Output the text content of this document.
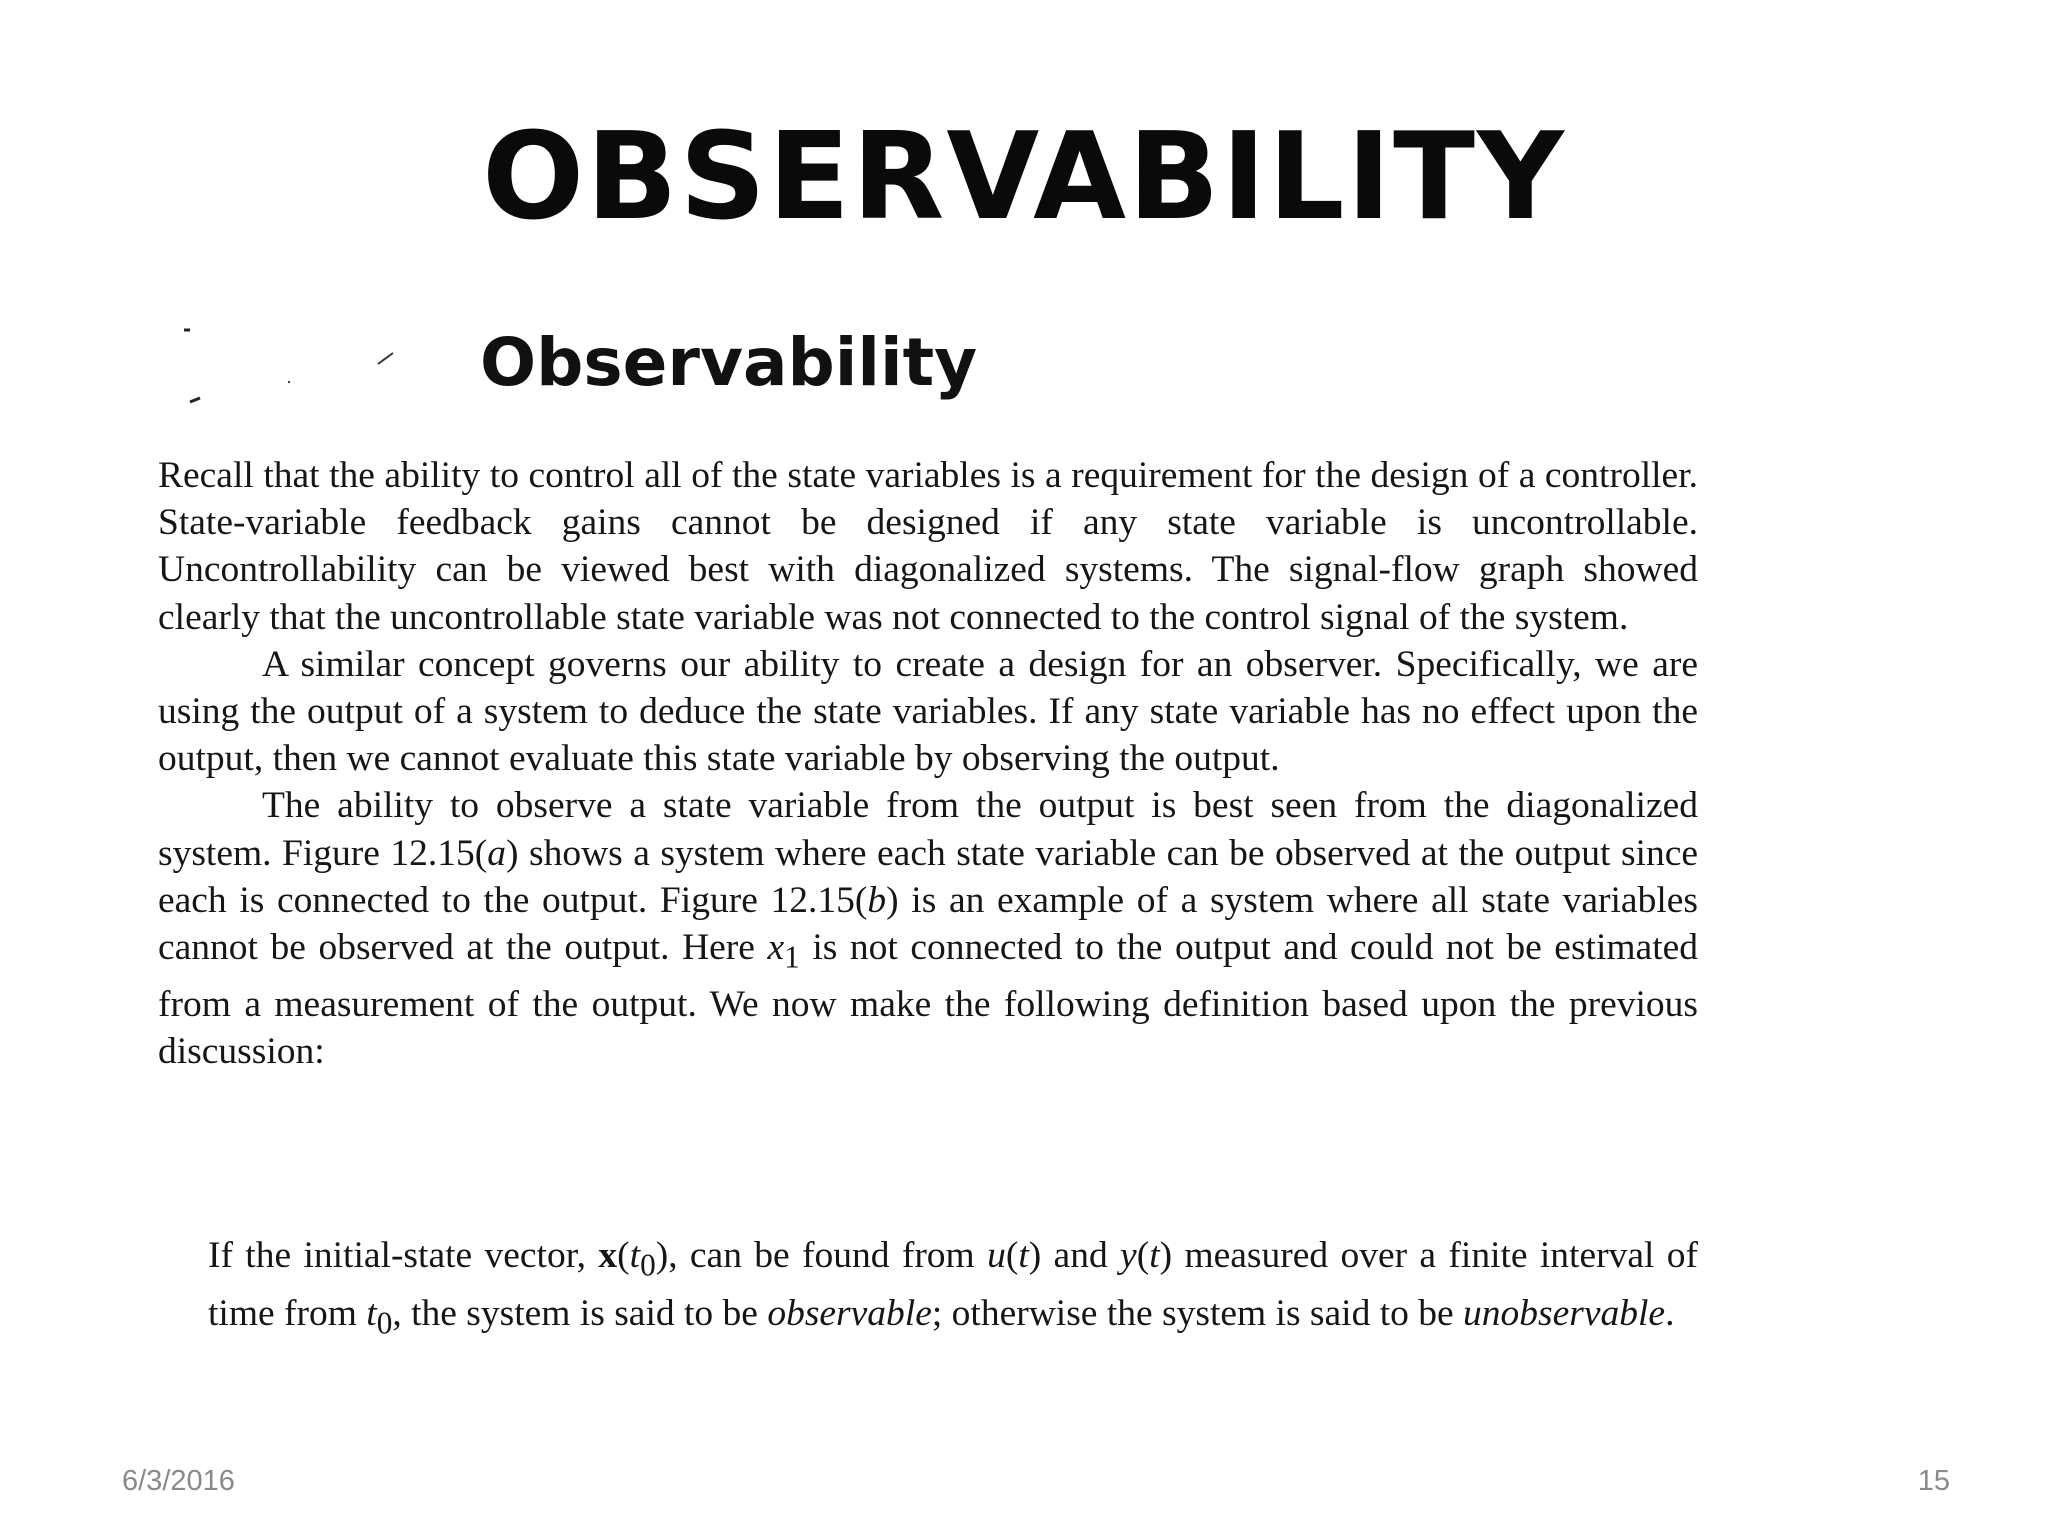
OBSERVABILITY
Observability

Recall that the ability to control all of the state variables is a requirement for the design of a controller. State-variable feedback gains cannot be designed if any state variable is uncontrollable. Uncontrollability can be viewed best with diagonalized systems. The signal-flow graph showed clearly that the uncontrollable state variable was not connected to the control signal of the system.

A similar concept governs our ability to create a design for an observer. Specifically, we are using the output of a system to deduce the state variables. If any state variable has no effect upon the output, then we cannot evaluate this state variable by observing the output.

The ability to observe a state variable from the output is best seen from the diagonalized system. Figure 12.15(a) shows a system where each state variable can be observed at the output since each is connected to the output. Figure 12.15(b) is an example of a system where all state variables cannot be observed at the output. Here $x_1$ is not connected to the output and could not be estimated from a measurement of the output. We now make the following definition based upon the previous discussion:

If the initial-state vector, $x(t_0)$, can be found from u(t) and y(t) measured over a finite interval of time from $t_0$, the system is said to be observable; otherwise the system is said to be unobservable.

6/3/2016	15
